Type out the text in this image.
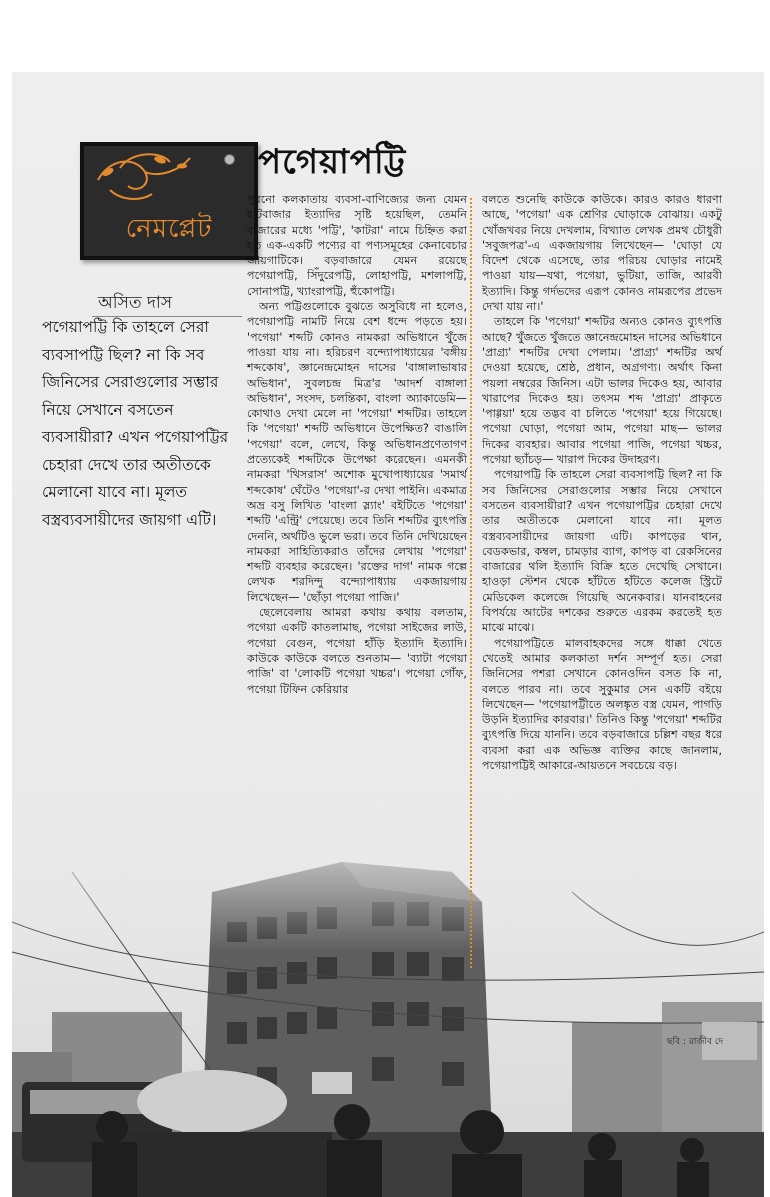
নেমপ্লেট
পগেয়াপট্টি
অসিত দাস
পগেয়াপট্টি কি তাহলে সেরা ব্যবসাপট্টি ছিল? না কি সব জিনিসের সেরাগুলোর সম্ভার নিয়ে সেখানে বসতেন ব্যবসায়ীরা? এখন পগেয়াপট্টির চেহারা দেখে তার অতীতকে মেলানো যাবে না। মূলত বস্ত্রব্যবসায়ীদের জায়গা এটি।

পুরনো কলকাতায় ব্যবসা-বাণিজ্যের জন্য যেমন হাটবাজার ইত্যাদির সৃষ্টি হয়েছিল, তেমনি বাজারের মধ্যে 'পট্টি', 'কাটরা' নামে চিহ্নিত করা হত এক-একটি পণ্যের বা পণ্যসমূহের কেনাবেচার জায়গাটিকে। বড়বাজারে যেমন রয়েছে পগেয়াপট্টি, সিঁদুরেপট্টি, লোহাপট্টি, মশলাপট্টি, সোনাপট্টি, খ্যাংরাপট্টি, হুঁকোপট্টি।

অন্য পট্টিগুলোকে বুঝতে অসুবিধে না হলেও, পগেয়াপট্টি নামটি নিয়ে বেশ ধন্দে পড়তে হয়। 'পগেয়া' শব্দটি কোনও নামকরা অভিধানে খুঁজে পাওয়া যায় না। হরিচরণ বন্দ্যোপাধ্যায়ের 'বঙ্গীয় শব্দকোষ', জ্ঞানেন্দ্রমোহন দাসের 'বাঙ্গালাভাষার অভিধান', সুবলচন্দ্র মিত্র'র 'আদর্শ বাঙ্গালা অভিধান', সংসদ, চলন্তিকা, বাংলা অ্যাকাডেমি— কোথাও দেখা মেলে না 'পগেয়া' শব্দটির। তাহলে কি 'পগেয়া' শব্দটি অভিধানে উপেক্ষিত? বাঙালি 'পগেয়া' বলে, লেখে, কিন্তু অভিধানপ্রণেতাগণ প্রত্যেকেই শব্দটিকে উপেক্ষা করেছেন। এমনকী নামকরা 'থিসরাস' অশোক মুখোপাধ্যায়ের 'সমার্থ শব্দকোষ' ঘেঁটেও 'পগেয়া'-র দেখা পাইনি। একমাত্র অভ্র বসু লিখিত 'বাংলা স্ল্যাং' বইটিতে 'পগেয়া' শব্দটি 'এন্ট্রি' পেয়েছে। তবে তিনি শব্দটির ব্যুৎপত্তি দেননি, অর্থটিও ভুলে ভরা। তবে তিনি দেখিয়েছেন নামকরা সাহিত্যিকরাও তাঁদের লেখায় 'পগেয়া' শব্দটি ব্যবহার করেছেন। 'রক্তের দাগ' নামক গল্পে লেখক শরদিন্দু বন্দ্যোপাধ্যায় একজায়গায় লিখেছেন— 'ছোঁড়া পগেয়া পাজি।'

ছেলেবেলায় আমরা কথায় কথায় বলতাম, পগেয়া একটি কাতলামাছ, পগেয়া সাইজের লাউ, পগেয়া বেগুন, পগেয়া হাঁড়ি ইত্যাদি ইত্যাদি। কাউকে কাউকে বলতে শুনতাম— 'ব্যাটা পগেয়া পাজি' বা 'লোকটি পগেয়া খচ্চর'। পগেয়া গোঁফ, পগেয়া টিফিন কেরিয়ার

বলতে শুনেছি কাউকে কাউকে। কারও কারও ধারণা আছে, 'পগেয়া' এক শ্রেণির ঘোড়াকে বোঝায়। একটু খোঁজখবর নিয়ে দেখলাম, বিখ্যাত লেখক প্রমথ চৌধুরী 'সবুজপত্র'-এ একজায়গায় লিখেছেন— 'ঘোড়া যে বিদেশ থেকে এসেছে, তার পরিচয় ঘোড়ার নামেই পাওয়া যায়—যথা, পগেয়া, ভুটিয়া, তাজি, আরবী ইত্যাদি। কিন্তু গর্দভদের এরূপ কোনও নামরূপের প্রভেদ দেখা যায় না।'

তাহলে কি 'পগেয়া' শব্দটির অন্যও কোনও ব্যুৎপত্তি আছে? খুঁজতে খুঁজতে জ্ঞানেন্দ্রমোহন দাসের অভিধানে 'প্রাগ্র্য' শব্দটির দেখা পেলাম। 'প্রাগ্র্য' শব্দটির অর্থ দেওয়া হয়েছে, শ্রেষ্ঠ, প্রধান, অগ্রগণ্য। অর্থাৎ কিনা পয়লা নম্বরের জিনিস। এটা ভালর দিকেও হয়, আবার খারাপের দিকেও হয়। তৎসম শব্দ 'প্রাগ্র্য' প্রাকৃতে 'পাগ্গয়া' হয়ে তদ্ভব বা চলিতে 'পগেয়া' হয়ে গিয়েছে। পগেয়া ঘোড়া, পগেয়া আম, পগেয়া মাছ— ভালর দিকের ব্যবহার। আবার পগেয়া পাজি, পগেয়া খচ্চর, পগেয়া ছ্যাঁচড়— খারাপ দিকের উদাহরণ।

পগেয়াপট্টি কি তাহলে সেরা ব্যবসাপট্টি ছিল? না কি সব জিনিসের সেরাগুলোর সম্ভার নিয়ে সেখানে বসতেন ব্যবসায়ীরা? এখন পগেয়াপট্টির চেহারা দেখে তার অতীতকে মেলানো যাবে না। মূলত বস্ত্রব্যবসায়ীদের জায়গা এটি। কাপড়ের থান, বেডকভার, কম্বল, চামড়ার ব্যাগ, কাপড় বা রেকসিনের বাজারের থলি ইত্যাদি বিক্রি হতে দেখেছি সেখানে। হাওড়া স্টেশন থেকে হাঁটতে হাঁটতে কলেজ স্ট্রিটে মেডিকেল কলেজে গিয়েছি অনেকবার। যানবাহনের বিপর্যয়ে আটের দশকের শুরুতে এরকম করতেই হত মাঝে মাঝে।

পগেয়াপট্টিতে মালবাহকদের সঙ্গে ধাক্কা খেতে খেতেই আমার কলকাতা দর্শন সম্পূর্ণ হত। সেরা জিনিসের পশরা সেখানে কোনওদিন বসত কি না, বলতে পারব না। তবে সুকুমার সেন একটি বইয়ে লিখেছেন— 'পগেয়াপট্টীতে অলঙ্কৃত বস্ত্র যেমন, পাগড়ি উড়নি ইত্যাদির কারবার।' তিনিও কিন্তু 'পগেয়া' শব্দটির ব্যুৎপত্তি দিয়ে যাননি। তবে বড়বাজারে চল্লিশ বছর ধরে ব্যবসা করা এক অভিজ্ঞ ব্যক্তির কাছে জানলাম, পগেয়াপট্টিই আকারে-আয়তনে সবচেয়ে বড়।

ছবি : রাজীব দে
